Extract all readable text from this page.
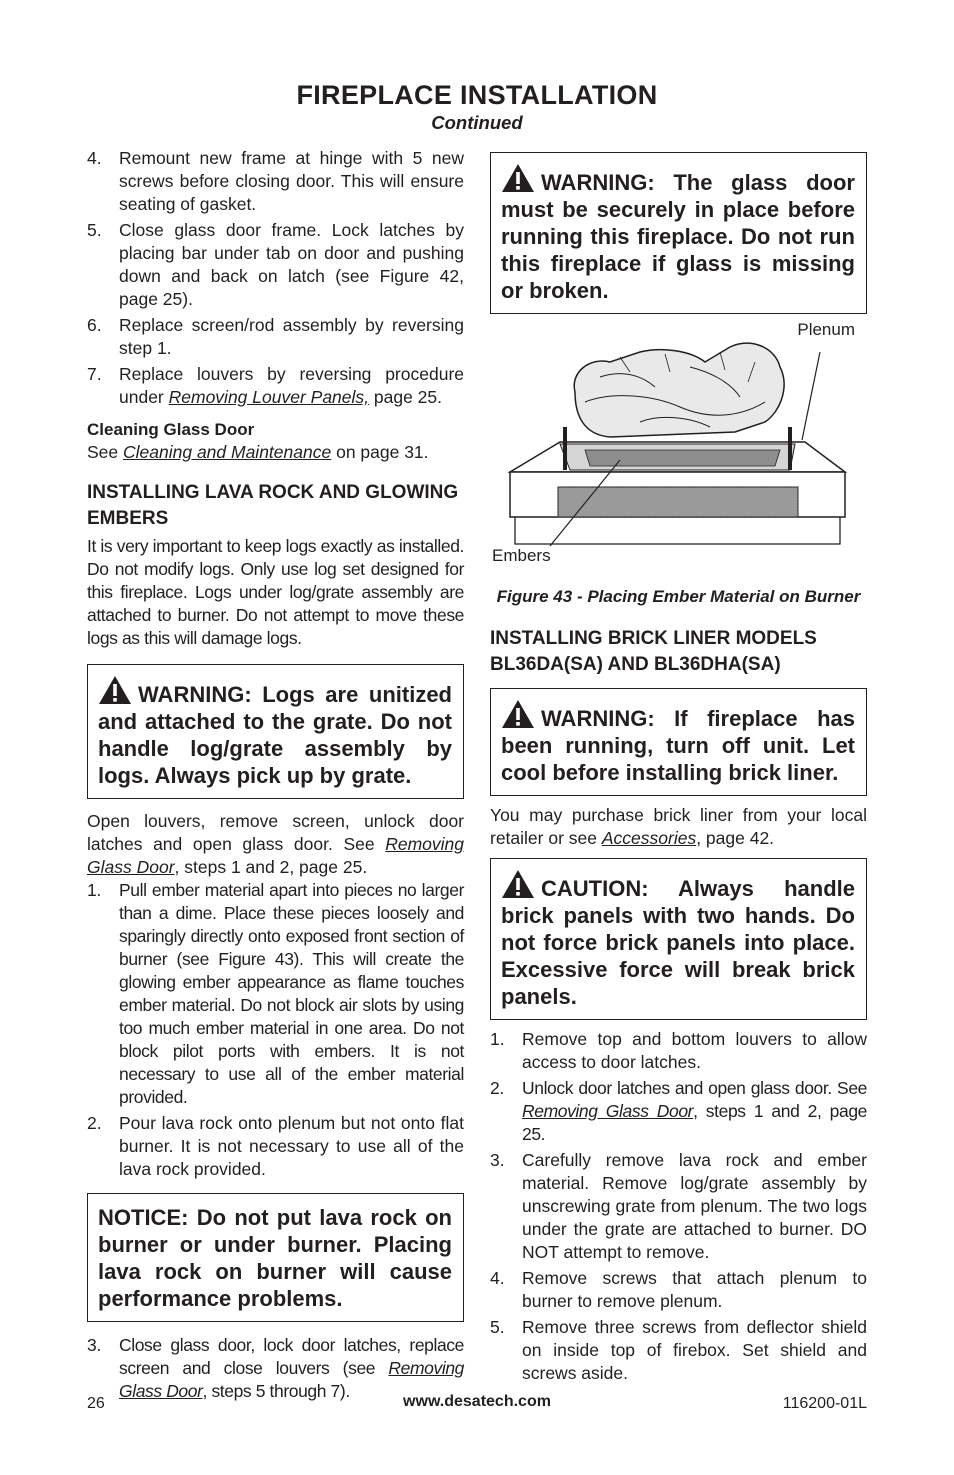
FIREPLACE INSTALLATION
Continued
4. Remount new frame at hinge with 5 new screws before closing door. This will ensure seating of gasket.
5. Close glass door frame. Lock latches by placing bar under tab on door and pushing down and back on latch (see Figure 42, page 25).
6. Replace screen/rod assembly by reversing step 1.
7. Replace louvers by reversing procedure under Removing Louver Panels, page 25.
Cleaning Glass Door
See Cleaning and Maintenance on page 31.
INSTALLING LAVA ROCK AND GLOWING EMBERS
It is very important to keep logs exactly as installed. Do not modify logs. Only use log set designed for this fireplace. Logs under log/grate assembly are attached to burner. Do not attempt to move these logs as this will damage logs.
WARNING: Logs are unitized and attached to the grate. Do not handle log/grate assembly by logs. Always pick up by grate.
Open louvers, remove screen, unlock door latches and open glass door. See Removing Glass Door, steps 1 and 2, page 25.
1. Pull ember material apart into pieces no larger than a dime. Place these pieces loosely and sparingly directly onto exposed front section of burner (see Figure 43). This will create the glowing ember appearance as flame touches ember material. Do not block air slots by using too much ember material in one area. Do not block pilot ports with embers. It is not necessary to use all of the ember material provided.
2. Pour lava rock onto plenum but not onto flat burner. It is not necessary to use all of the lava rock provided.
NOTICE: Do not put lava rock on burner or under burner. Placing lava rock on burner will cause performance problems.
3. Close glass door, lock door latches, replace screen and close louvers (see Removing Glass Door, steps 5 through 7).
WARNING: The glass door must be securely in place before running this fireplace. Do not run this fireplace if glass is missing or broken.
Plenum
Embers
Figure 43 - Placing Ember Material on Burner
INSTALLING BRICK LINER MODELS BL36DA(SA) AND BL36DHA(SA)
WARNING: If fireplace has been running, turn off unit. Let cool before installing brick liner.
You may purchase brick liner from your local retailer or see Accessories, page 42.
CAUTION: Always handle brick panels with two hands. Do not force brick panels into place. Excessive force will break brick panels.
1. Remove top and bottom louvers to allow access to door latches.
2. Unlock door latches and open glass door. See Removing Glass Door, steps 1 and 2, page 25.
3. Carefully remove lava rock and ember material. Remove log/grate assembly by unscrewing grate from plenum. The two logs under the grate are attached to burner. DO NOT attempt to remove.
4. Remove screws that attach plenum to burner to remove plenum.
5. Remove three screws from deflector shield on inside top of firebox. Set shield and screws aside.
26	www.desatech.com	116200-01L
